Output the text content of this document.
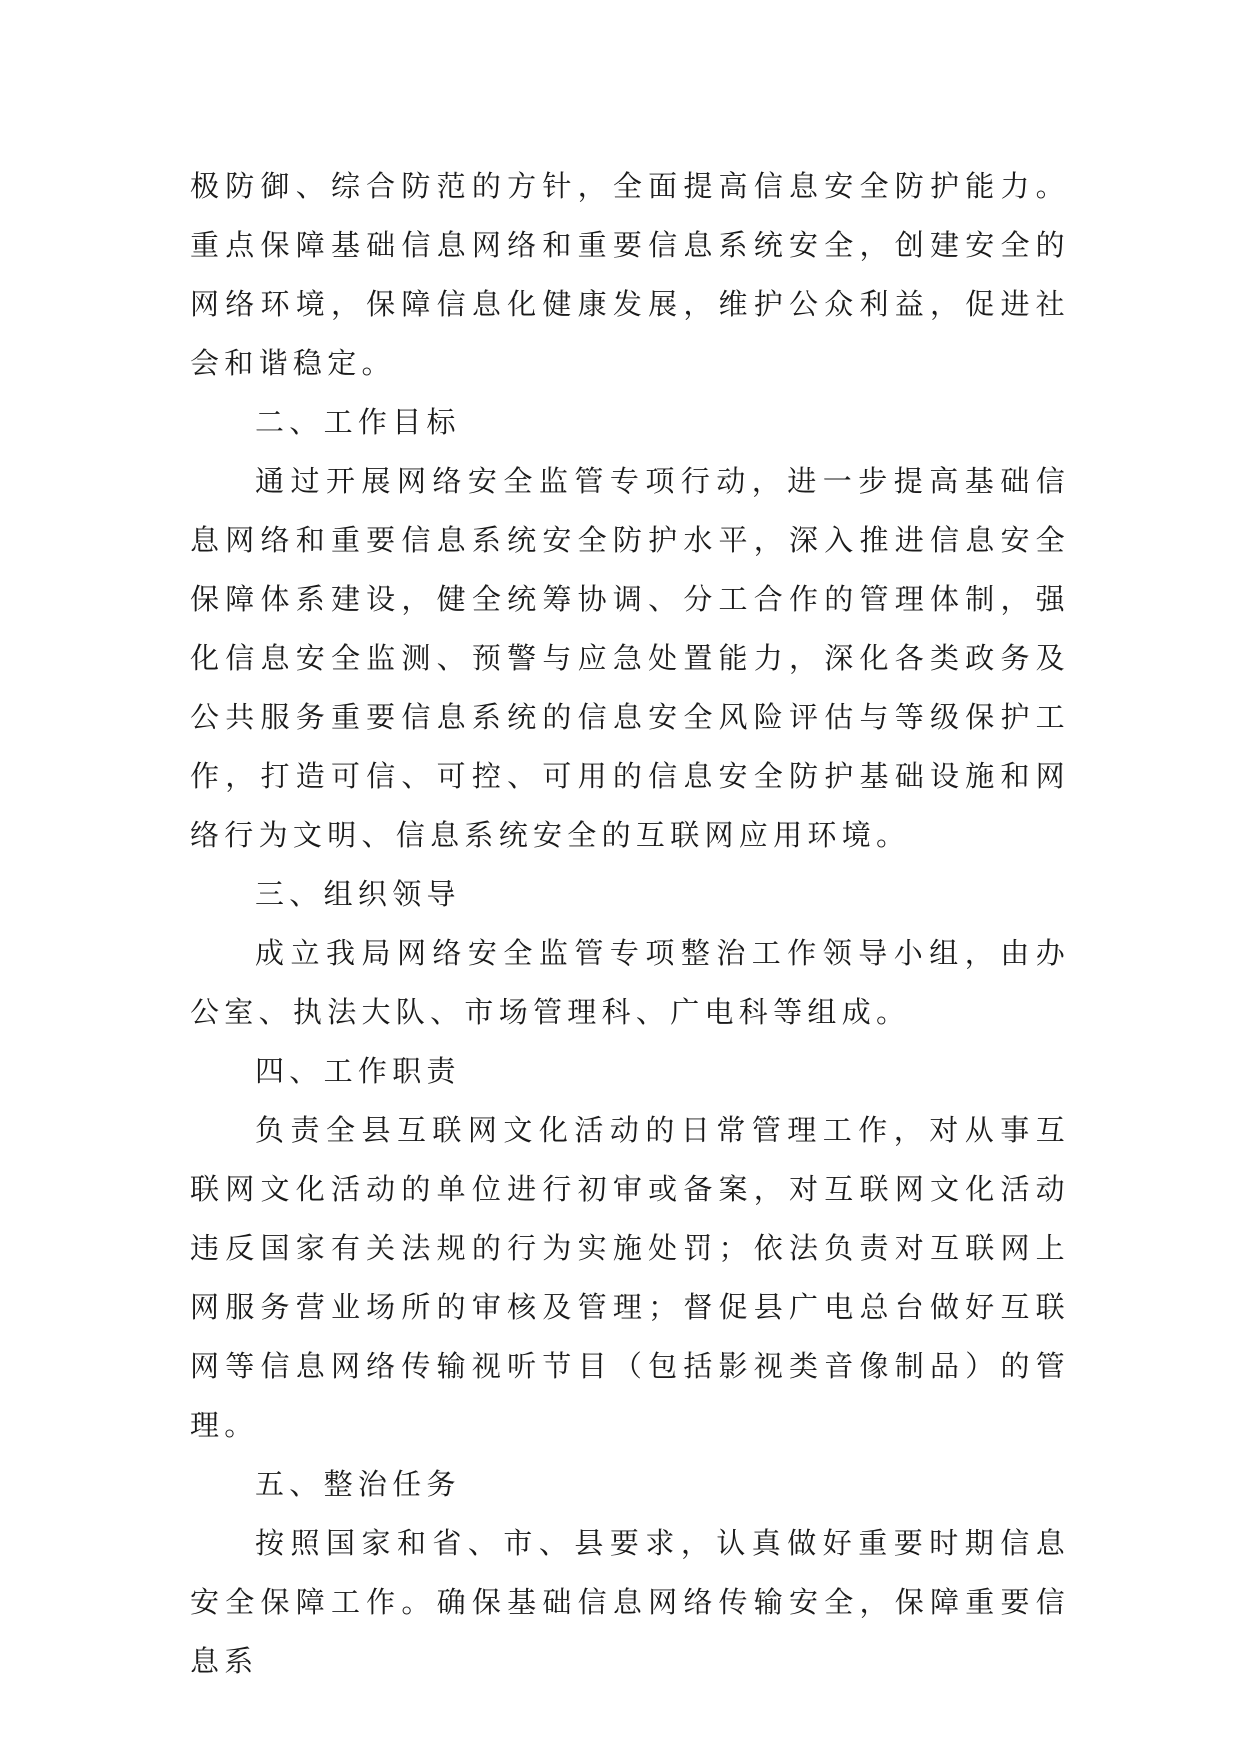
极防御、综合防范的方针，全面提高信息安全防护能力。重点保障基础信息网络和重要信息系统安全，创建安全的网络环境，保障信息化健康发展，维护公众利益，促进社会和谐稳定。

二、工作目标

通过开展网络安全监管专项行动，进一步提高基础信息网络和重要信息系统安全防护水平，深入推进信息安全保障体系建设，健全统筹协调、分工合作的管理体制，强化信息安全监测、预警与应急处置能力，深化各类政务及公共服务重要信息系统的信息安全风险评估与等级保护工作，打造可信、可控、可用的信息安全防护基础设施和网络行为文明、信息系统安全的互联网应用环境。

三、组织领导

成立我局网络安全监管专项整治工作领导小组，由办公室、执法大队、市场管理科、广电科等组成。

四、工作职责

负责全县互联网文化活动的日常管理工作，对从事互联网文化活动的单位进行初审或备案，对互联网文化活动违反国家有关法规的行为实施处罚；依法负责对互联网上网服务营业场所的审核及管理；督促县广电总台做好互联网等信息网络传输视听节目（包括影视类音像制品）的管理。

五、整治任务

按照国家和省、市、县要求，认真做好重要时期信息安全保障工作。确保基础信息网络传输安全，保障重要信息系
